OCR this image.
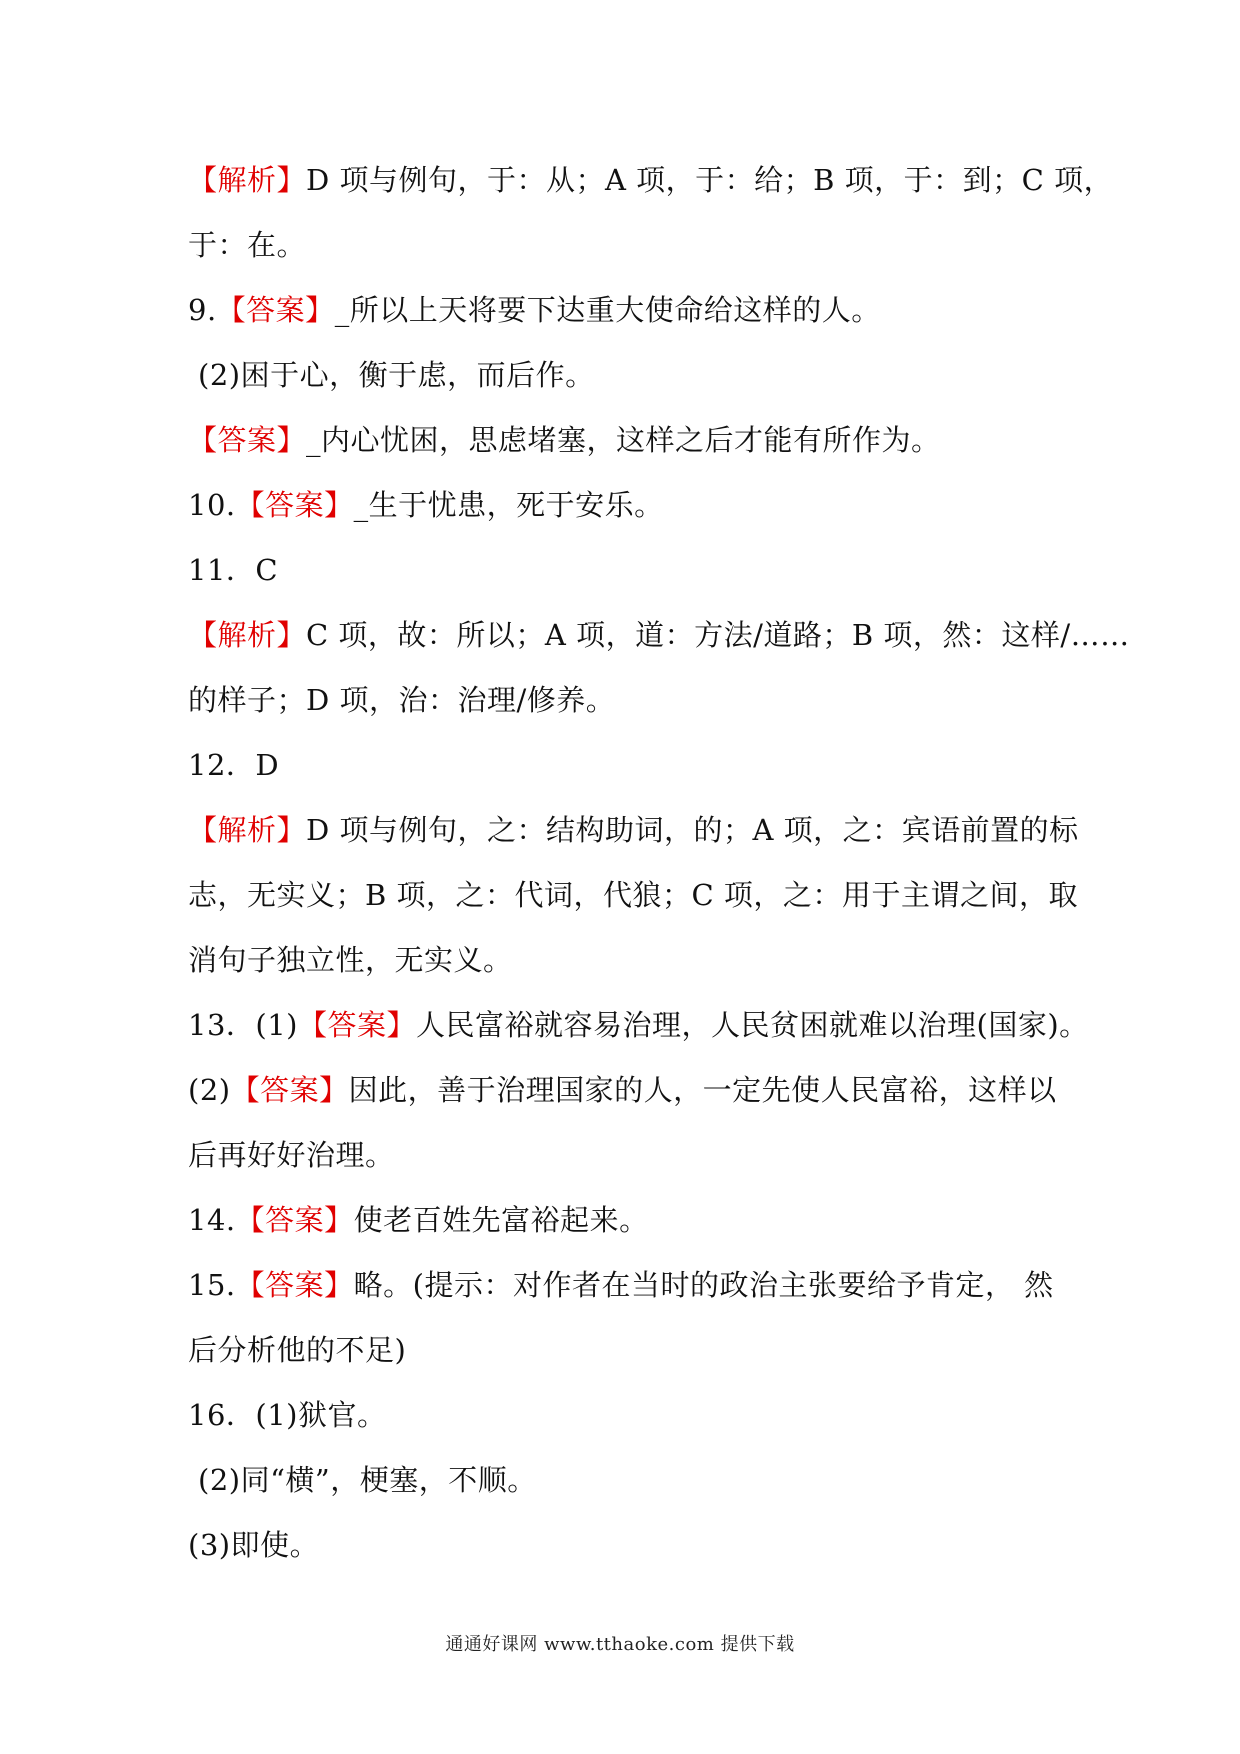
【解析】D 项与例句，于：从；A 项，于：给；B 项，于：到；C 项，
于：在。
9.【答案】_所以上天将要下达重大使命给这样的人。
(2)困于心，衡于虑，而后作。
【答案】_内心忧困，思虑堵塞，这样之后才能有所作为。
10.【答案】_生于忧患，死于安乐。
11．C
【解析】C 项，故：所以；A 项，道：方法/道路；B 项，然：这样/……
的样子；D 项，治：治理/修养。
12．D
【解析】D 项与例句，之：结构助词，的；A 项，之：宾语前置的标
志，无实义；B 项，之：代词，代狼；C 项，之：用于主谓之间，取
消句子独立性，无实义。
13．(1)【答案】人民富裕就容易治理，人民贫困就难以治理(国家)。
(2)【答案】因此，善于治理国家的人，一定先使人民富裕，这样以
后再好好治理。
14.【答案】使老百姓先富裕起来。
15.【答案】略。(提示：对作者在当时的政治主张要给予肯定， 然
后分析他的不足)
16．(1)狱官。
(2)同“横”，梗塞，不顺。
(3)即使。
通通好课网 www.tthaoke.com 提供下载
